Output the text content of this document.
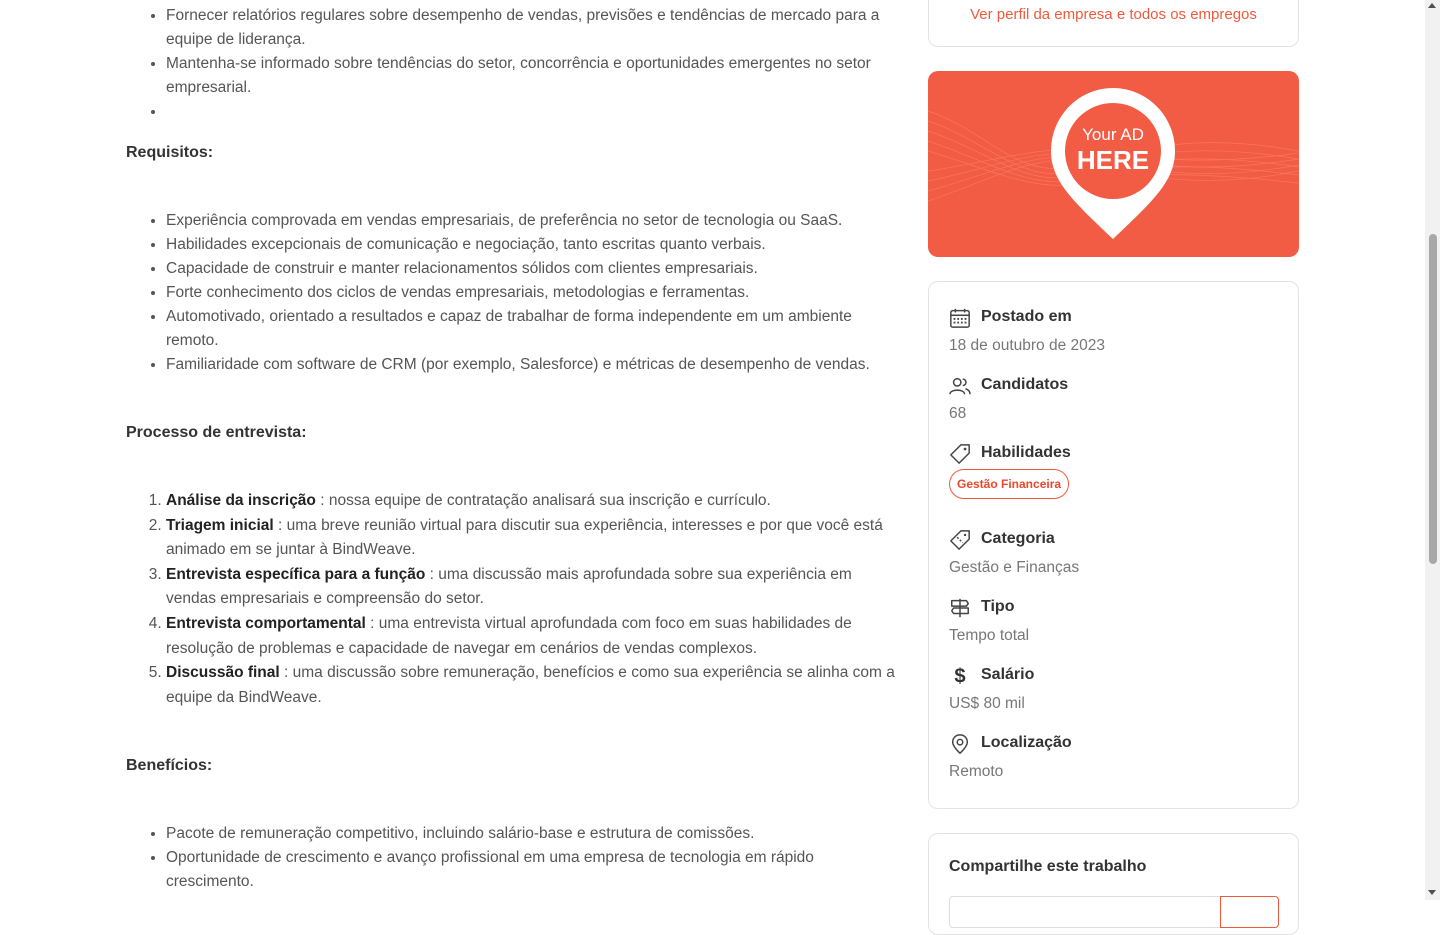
• Fornecer relatórios regulares sobre desempenho de vendas, previsões e tendências de mercado para a equipe de liderança.
• Mantenha-se informado sobre tendências do setor, concorrência e oportunidades emergentes no setor empresarial.
•

Requisitos:

• Experiência comprovada em vendas empresariais, de preferência no setor de tecnologia ou SaaS.
• Habilidades excepcionais de comunicação e negociação, tanto escritas quanto verbais.
• Capacidade de construir e manter relacionamentos sólidos com clientes empresariais.
• Forte conhecimento dos ciclos de vendas empresariais, metodologias e ferramentas.
• Automotivado, orientado a resultados e capaz de trabalhar de forma independente em um ambiente remoto.
• Familiaridade com software de CRM (por exemplo, Salesforce) e métricas de desempenho de vendas.

Processo de entrevista:

1. Análise da inscrição : nossa equipe de contratação analisará sua inscrição e currículo.
2. Triagem inicial : uma breve reunião virtual para discutir sua experiência, interesses e por que você está animado em se juntar à BindWeave.
3. Entrevista específica para a função : uma discussão mais aprofundada sobre sua experiência em vendas empresariais e compreensão do setor.
4. Entrevista comportamental : uma entrevista virtual aprofundada com foco em suas habilidades de resolução de problemas e capacidade de navegar em cenários de vendas complexos.
5. Discussão final : uma discussão sobre remuneração, benefícios e como sua experiência se alinha com a equipe da BindWeave.

Benefícios:

• Pacote de remuneração competitivo, incluindo salário-base e estrutura de comissões.
• Oportunidade de crescimento e avanço profissional em uma empresa de tecnologia em rápido crescimento.
Ver perfil da empresa e todos os empregos
Your AD
HERE
Postado em
18 de outubro de 2023
Candidatos
68
Habilidades
Gestão Financeira
Categoria
Gestão e Finanças
Tipo
Tempo total
$ Salário
US$ 80 mil
Localização
Remoto
Compartilhe este trabalho
